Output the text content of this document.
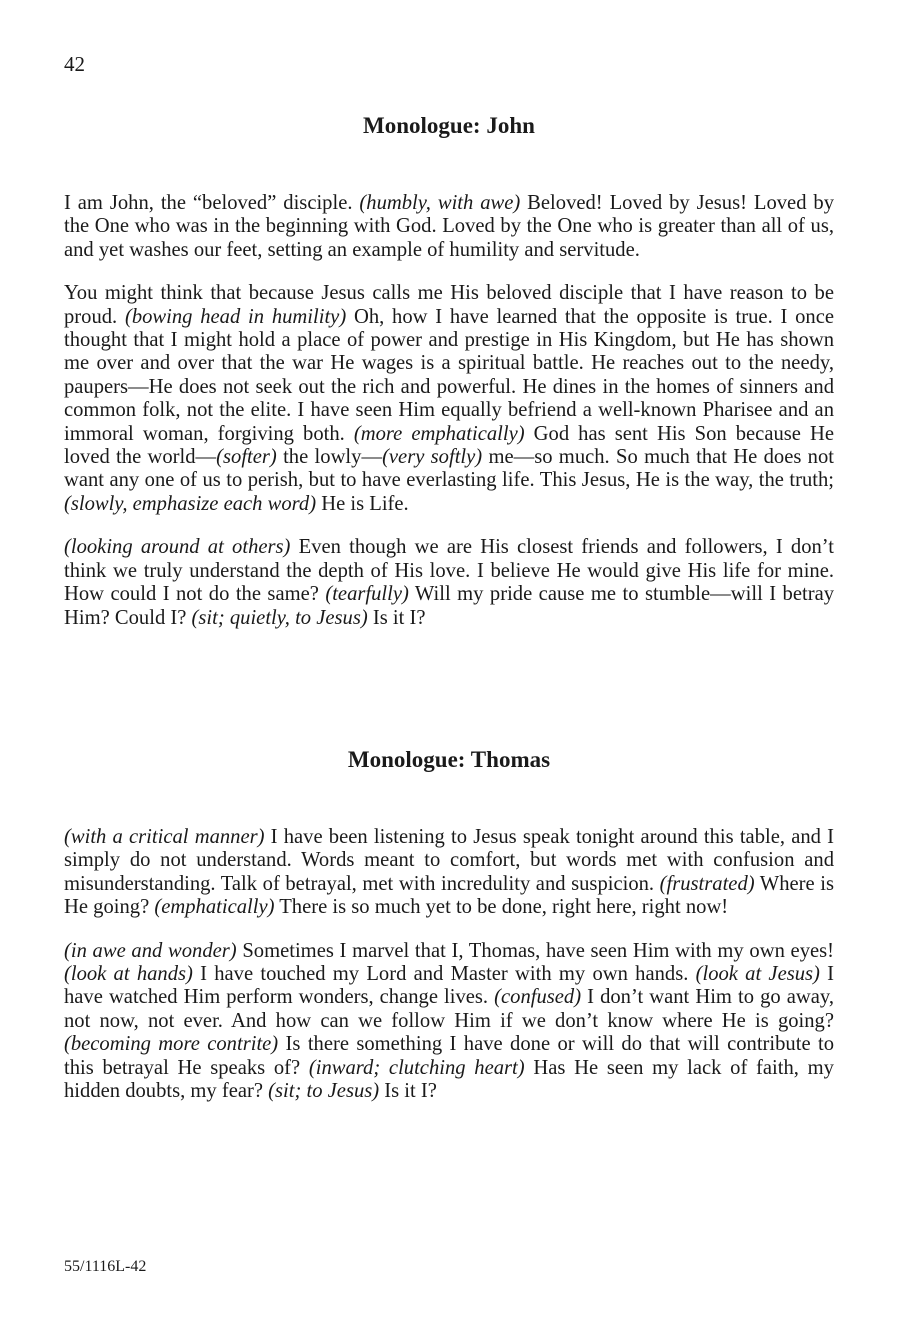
42
Monologue: John

I am John, the “beloved” disciple. (humbly, with awe) Beloved! Loved by Jesus! Loved by the One who was in the beginning with God. Loved by the One who is greater than all of us, and yet washes our feet, setting an example of humility and servitude.

You might think that because Jesus calls me His beloved disciple that I have reason to be proud. (bowing head in humility) Oh, how I have learned that the opposite is true. I once thought that I might hold a place of power and prestige in His Kingdom, but He has shown me over and over that the war He wages is a spiritual battle. He reaches out to the needy, paupers—He does not seek out the rich and powerful. He dines in the homes of sinners and common folk, not the elite. I have seen Him equally befriend a well-known Pharisee and an immoral woman, forgiving both. (more emphatically) God has sent His Son because He loved the world—(softer) the lowly—(very softly) me—so much. So much that He does not want any one of us to perish, but to have everlasting life. This Jesus, He is the way, the truth; (slowly, emphasize each word) He is Life.

(looking around at others) Even though we are His closest friends and followers, I don’t think we truly understand the depth of His love. I believe He would give His life for mine. How could I not do the same? (tearfully) Will my pride cause me to stumble—will I betray Him? Could I? (sit; quietly, to Jesus) Is it I?

Monologue: Thomas

(with a critical manner) I have been listening to Jesus speak tonight around this table, and I simply do not understand. Words meant to comfort, but words met with confusion and misunderstanding. Talk of betrayal, met with incredulity and suspicion. (frustrated) Where is He going? (emphatically) There is so much yet to be done, right here, right now!

(in awe and wonder) Sometimes I marvel that I, Thomas, have seen Him with my own eyes! (look at hands) I have touched my Lord and Master with my own hands. (look at Jesus) I have watched Him perform wonders, change lives. (confused) I don’t want Him to go away, not now, not ever. And how can we follow Him if we don’t know where He is going? (becoming more contrite) Is there something I have done or will do that will contribute to this betrayal He speaks of? (inward; clutching heart) Has He seen my lack of faith, my hidden doubts, my fear? (sit; to Jesus) Is it I?

55/1116L-42
